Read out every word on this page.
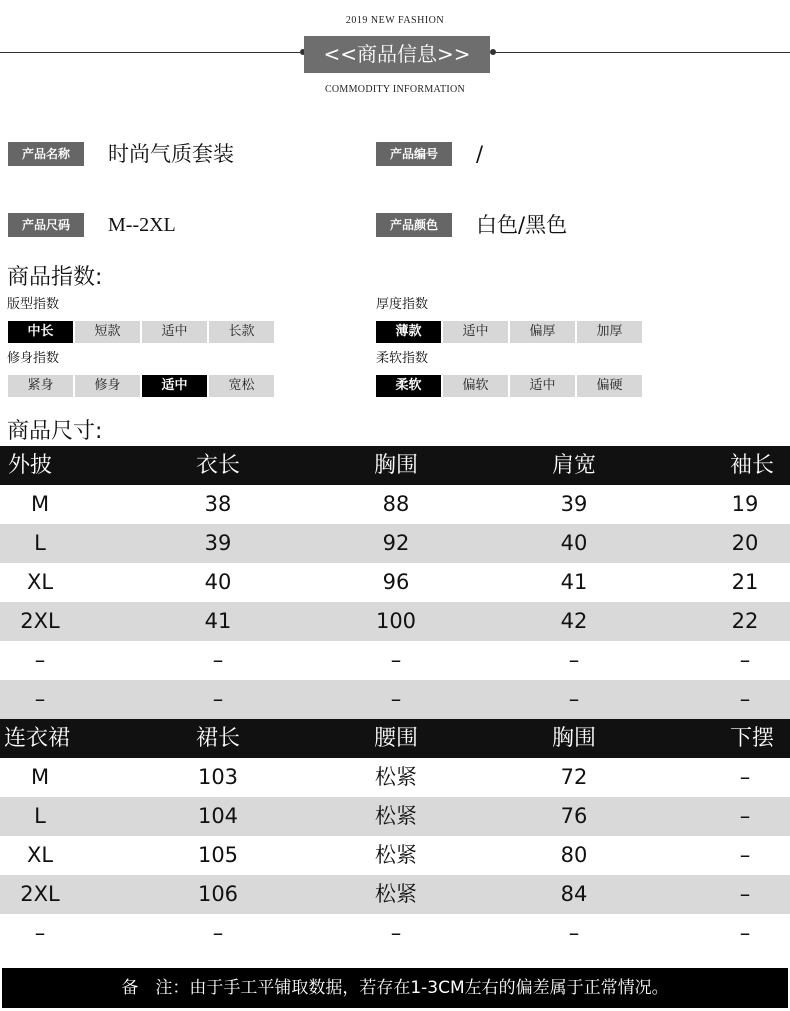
2019 NEW FASHION
<<商品信息>>
COMMODITY INFORMATION
产品名称	时尚气质套装	产品编号	/
产品尺码	M--2XL	产品颜色	白色/黑色
商品指数:
版型指数
中长	短款	适中	长款
厚度指数
薄款	适中	偏厚	加厚
修身指数
紧身	修身	适中	宽松
柔软指数
柔软	偏软	适中	偏硬
商品尺寸:
外披	衣长	胸围	肩宽	袖长
M	38	88	39	19
L	39	92	40	20
XL	40	96	41	21
2XL	41	100	42	22
–	–	–	–	–
–	–	–	–	–
连衣裙	裙长	腰围	胸围	下摆
M	103	松紧	72	–
L	104	松紧	76	–
XL	105	松紧	80	–
2XL	106	松紧	84	–
–	–	–	–	–
备　注：由于手工平铺取数据，若存在1-3CM左右的偏差属于正常情况。
